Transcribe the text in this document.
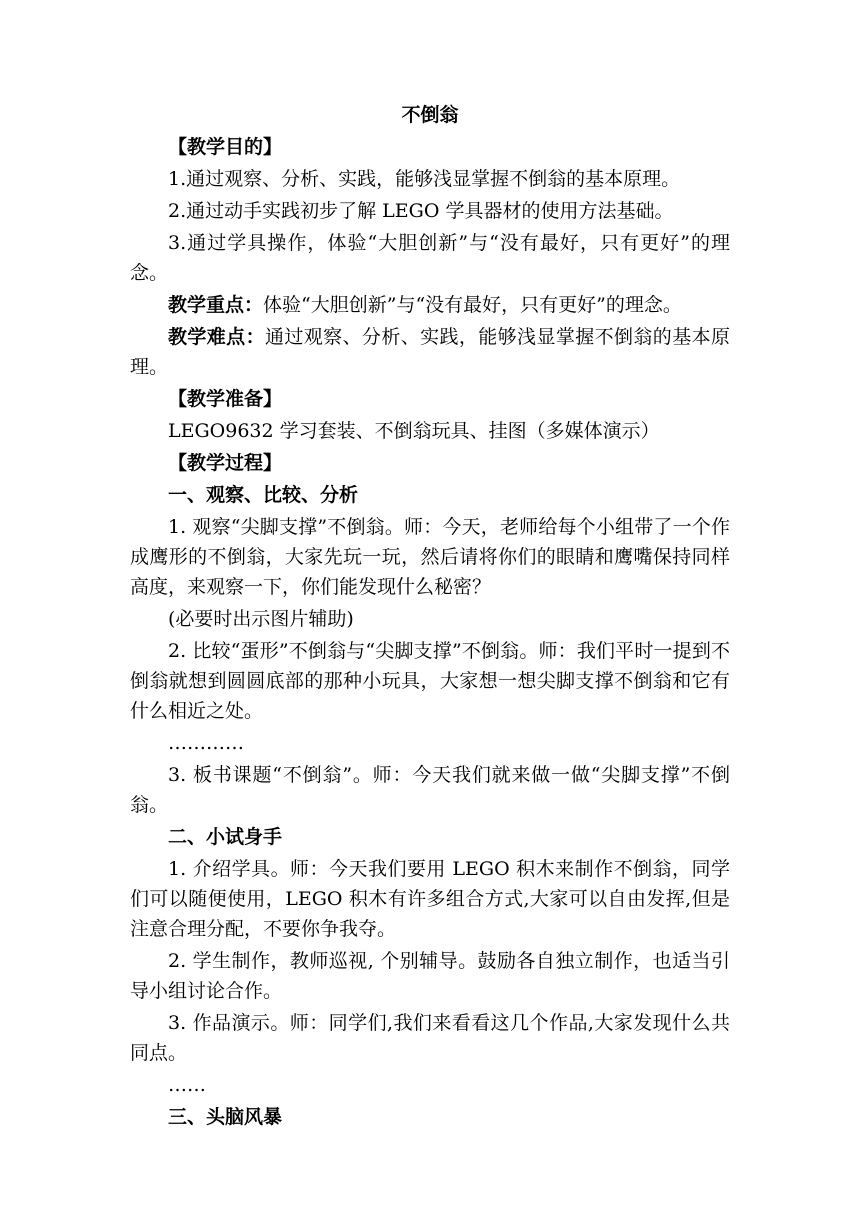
不倒翁
【教学目的】
1.通过观察、分析、实践，能够浅显掌握不倒翁的基本原理。
2.通过动手实践初步了解 LEGO 学具器材的使用方法基础。
3.通过学具操作，体验“大胆创新”与“没有最好，只有更好”的理念。
教学重点：体验“大胆创新”与“没有最好，只有更好”的理念。
教学难点：通过观察、分析、实践，能够浅显掌握不倒翁的基本原理。
【教学准备】
LEGO9632 学习套装、不倒翁玩具、挂图（多媒体演示）
【教学过程】
一、观察、比较、分析
1. 观察“尖脚支撑”不倒翁。师：今天，老师给每个小组带了一个作成鹰形的不倒翁，大家先玩一玩，然后请将你们的眼睛和鹰嘴保持同样高度，来观察一下，你们能发现什么秘密？
(必要时出示图片辅助)
2. 比较“蛋形”不倒翁与“尖脚支撑”不倒翁。师：我们平时一提到不倒翁就想到圆圆底部的那种小玩具，大家想一想尖脚支撑不倒翁和它有什么相近之处。
…………
3. 板书课题“不倒翁”。师：今天我们就来做一做“尖脚支撑”不倒翁。
二、小试身手
1. 介绍学具。师：今天我们要用 LEGO 积木来制作不倒翁，同学们可以随便使用，LEGO 积木有许多组合方式,大家可以自由发挥,但是注意合理分配，不要你争我夺。
2. 学生制作，教师巡视, 个别辅导。鼓励各自独立制作，也适当引导小组讨论合作。
3. 作品演示。师：同学们,我们来看看这几个作品,大家发现什么共同点。
……
三、头脑风暴
